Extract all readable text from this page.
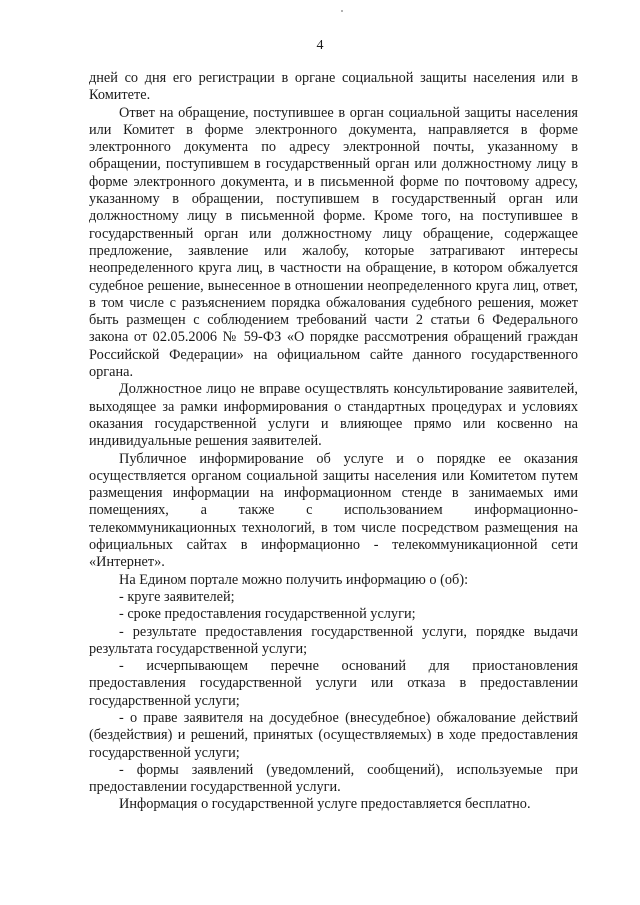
4

дней со дня его регистрации в органе социальной защиты населения или в Комитете.

Ответ на обращение, поступившее в орган социальной защиты населения или Комитет в форме электронного документа, направляется в форме электронного документа по адресу электронной почты, указанному в обращении, поступившем в государственный орган или должностному лицу в форме электронного документа, и в письменной форме по почтовому адресу, указанному в обращении, поступившем в государственный орган или должностному лицу в письменной форме. Кроме того, на поступившее в государственный орган или должностному лицу обращение, содержащее предложение, заявление или жалобу, которые затрагивают интересы неопределенного круга лиц, в частности на обращение, в котором обжалуется судебное решение, вынесенное в отношении неопределенного круга лиц, ответ, в том числе с разъяснением порядка обжалования судебного решения, может быть размещен с соблюдением требований части 2 статьи 6 Федерального закона от 02.05.2006 № 59-ФЗ «О порядке рассмотрения обращений граждан Российской Федерации» на официальном сайте данного государственного органа.

Должностное лицо не вправе осуществлять консультирование заявителей, выходящее за рамки информирования о стандартных процедурах и условиях оказания государственной услуги и влияющее прямо или косвенно на индивидуальные решения заявителей.

Публичное информирование об услуге и о порядке ее оказания осуществляется органом социальной защиты населения или Комитетом путем размещения информации на информационном стенде в занимаемых ими помещениях, а также с использованием информационно-телекоммуникационных технологий, в том числе посредством размещения на официальных сайтах в информационно - телекоммуникационной сети «Интернет».

На Едином портале можно получить информацию о (об):

- круге заявителей;

- сроке предоставления государственной услуги;

- результате предоставления государственной услуги, порядке выдачи результата государственной услуги;

- исчерпывающем перечне оснований для приостановления предоставления государственной услуги или отказа в предоставлении государственной услуги;

- о праве заявителя на досудебное (внесудебное) обжалование действий (бездействия) и решений, принятых (осуществляемых) в ходе предоставления государственной услуги;

- формы заявлений (уведомлений, сообщений), используемые при предоставлении государственной услуги.

Информация о государственной услуге предоставляется бесплатно.
